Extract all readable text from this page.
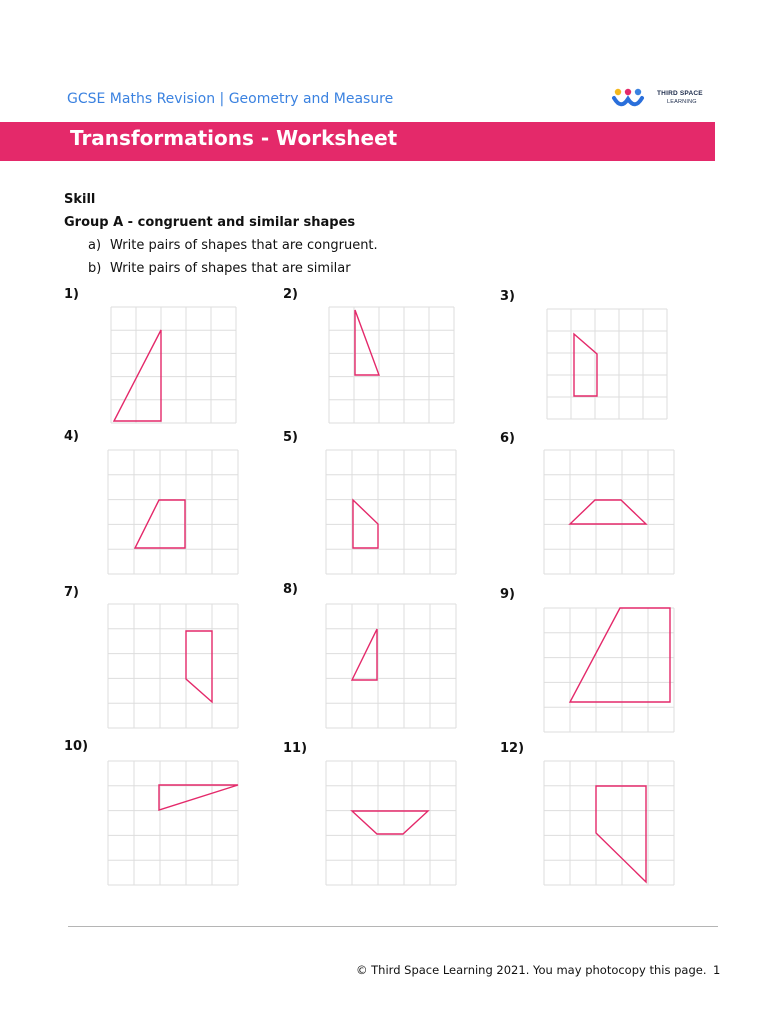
GCSE Maths Revision | Geometry and Measure	THIRD SPACE
LEARNING
Transformations - Worksheet
Skill
Group A - congruent and similar shapes
a) Write pairs of shapes that are congruent.
b) Write pairs of shapes that are similar
1)	2)	3)
4)	5)	6)
7)	8)	9)
10)	11)	12)
© Third Space Learning 2021. You may photocopy this page. 1
